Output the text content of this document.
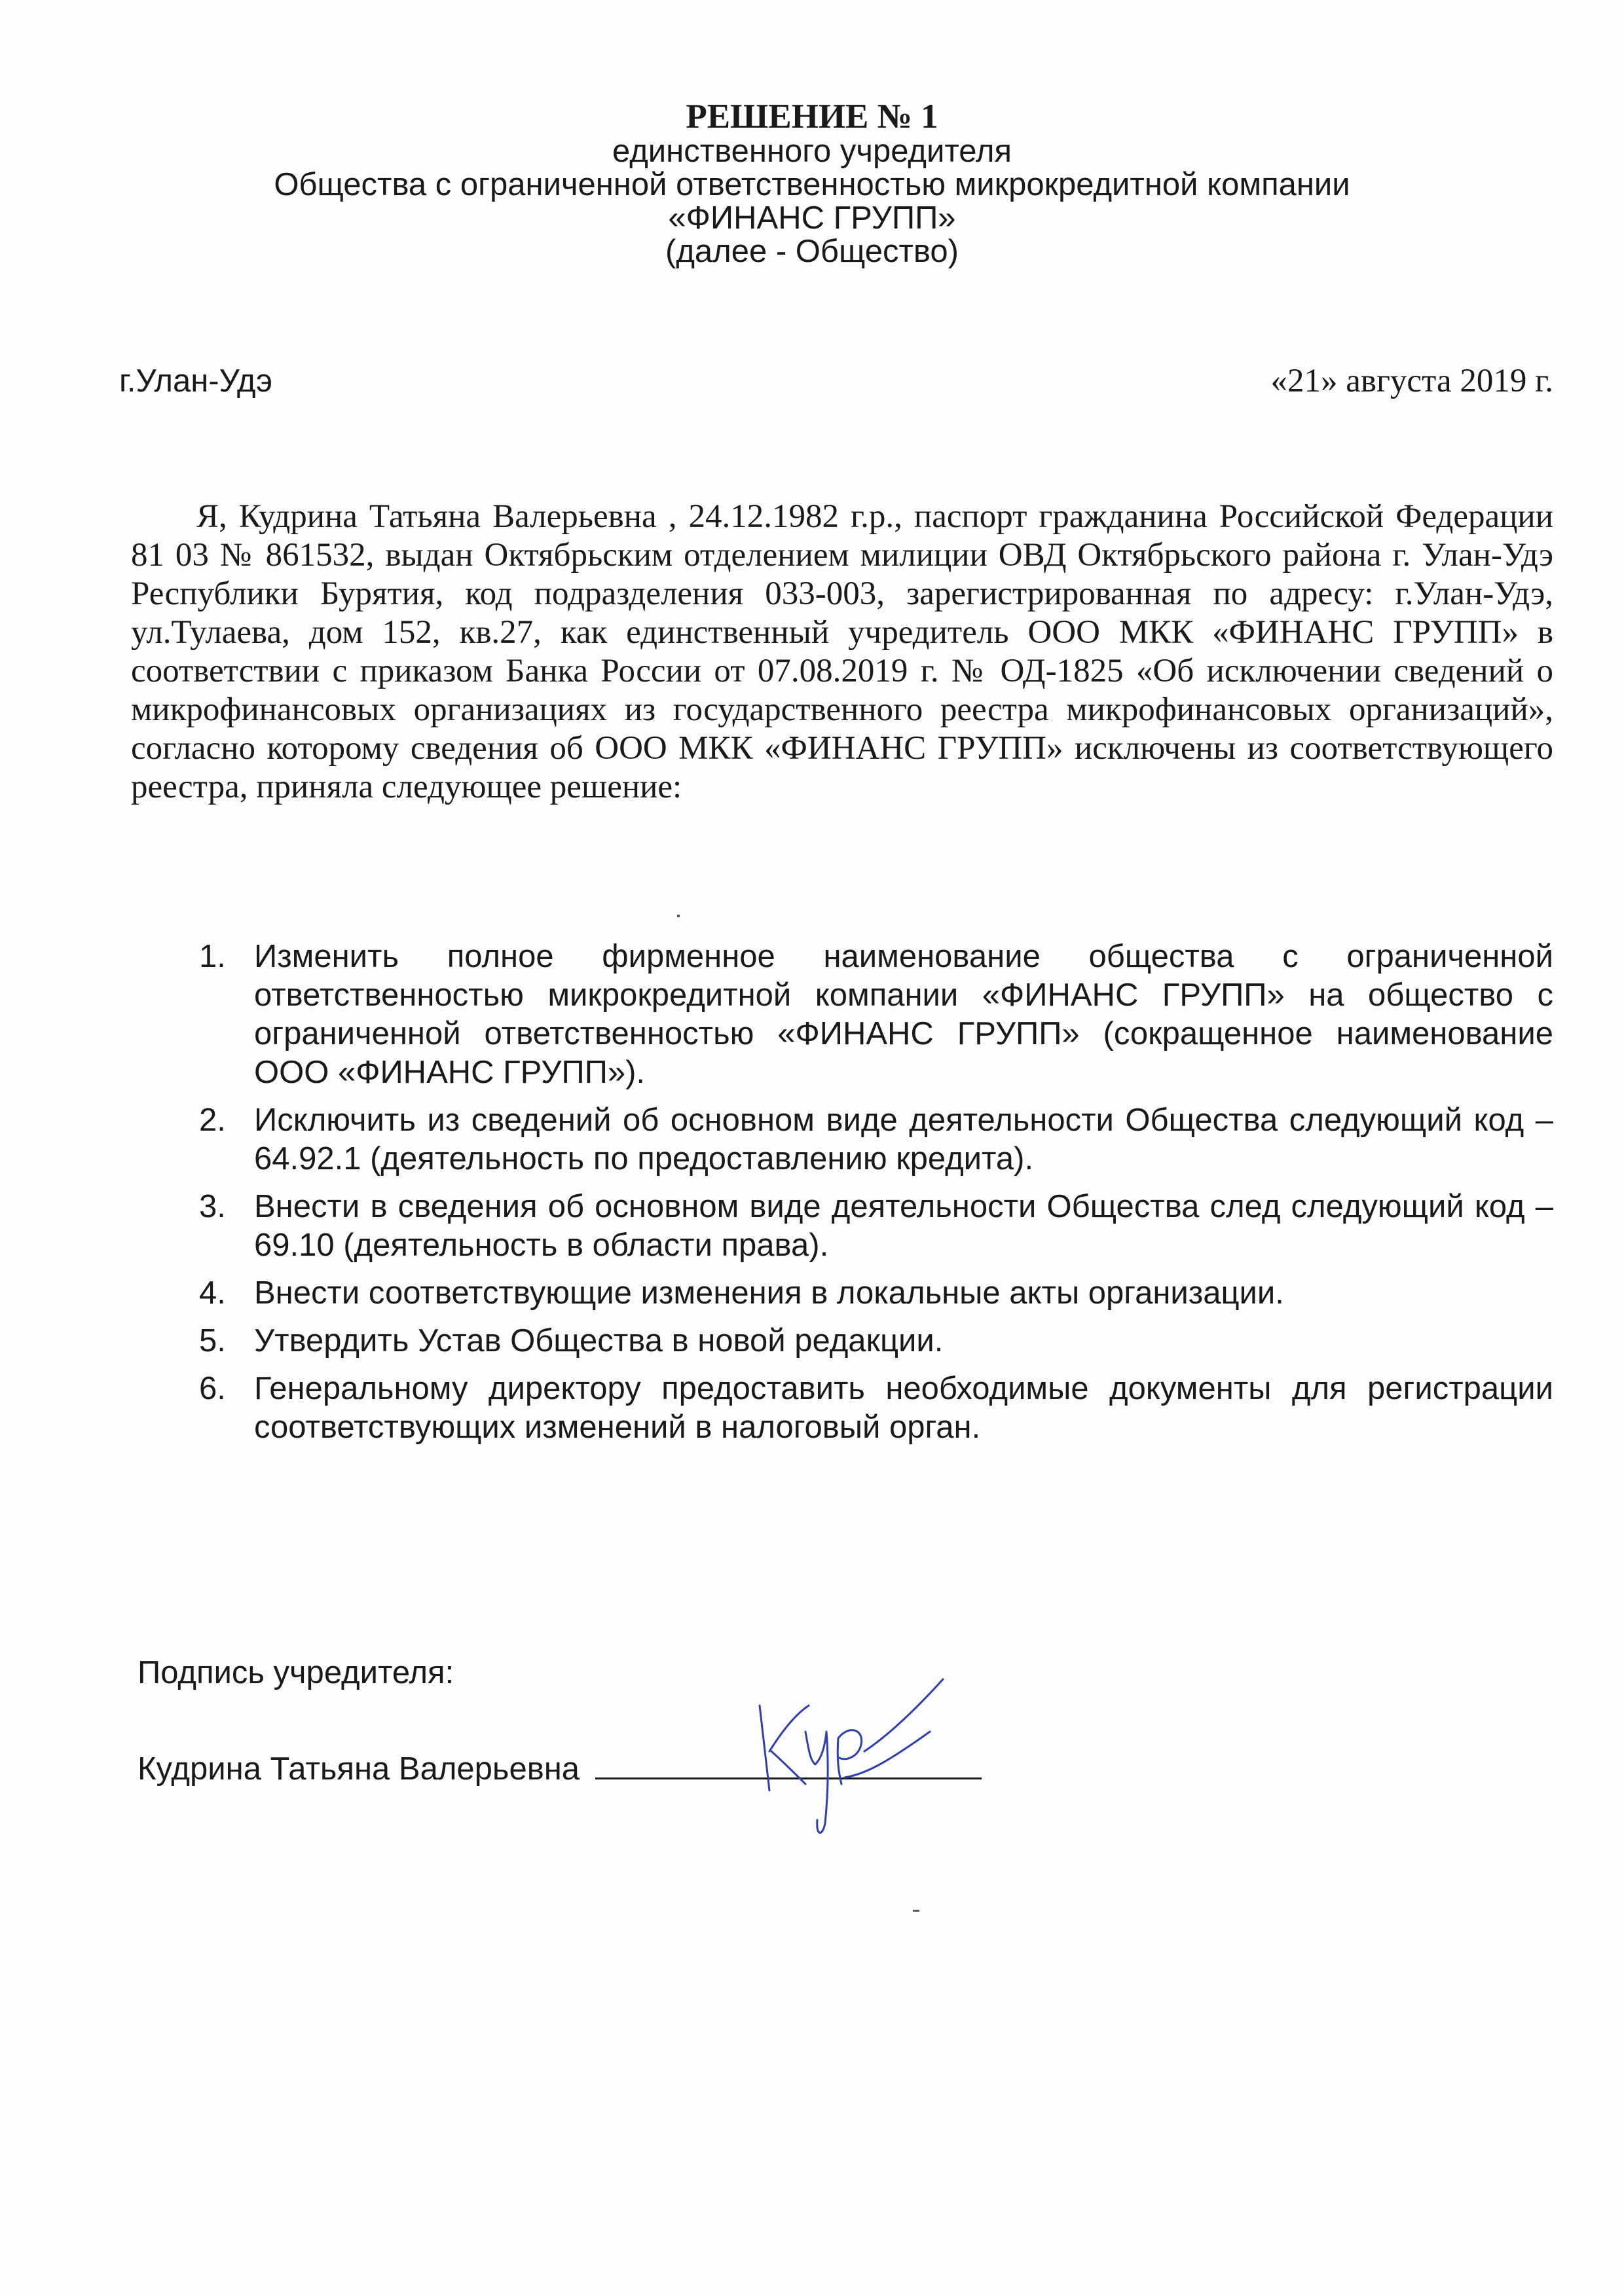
РЕШЕНИЕ № 1

единственного учредителя

Общества с ограниченной ответственностью микрокредитной компании

«ФИНАНС ГРУПП»

(далее - Общество)

г.Улан-Удэ	«21» августа 2019 г.

Я, Кудрина Татьяна Валерьевна , 24.12.1982 г.р., паспорт гражданина Российской Федерации 81 03 № 861532, выдан Октябрьским отделением милиции ОВД Октябрьского района г. Улан-Удэ Республики Бурятия, код подразделения 033-003, зарегистрированная по адресу: г.Улан-Удэ, ул.Тулаева, дом 152, кв.27, как единственный учредитель ООО МКК «ФИНАНС ГРУПП» в соответствии с приказом Банка России от 07.08.2019 г. № ОД-1825 «Об исключении сведений о микрофинансовых организациях из государственного реестра микрофинансовых организаций», согласно которому сведения об ООО МКК «ФИНАНС ГРУПП» исключены из соответствующего реестра, приняла следующее решение:

1. Изменить полное фирменное наименование общества с ограниченной ответственностью микрокредитной компании «ФИНАНС ГРУПП» на общество с ограниченной ответственностью «ФИНАНС ГРУПП» (сокращенное наименование ООО «ФИНАНС ГРУПП»).
2. Исключить из сведений об основном виде деятельности Общества следующий код – 64.92.1 (деятельность по предоставлению кредита).
3. Внести в сведения об основном виде деятельности Общества след следующий код – 69.10 (деятельность в области права).
4. Внести соответствующие изменения в локальные акты организации.
5. Утвердить Устав Общества в новой редакции.
6. Генеральному директору предоставить необходимые документы для регистрации соответствующих изменений в налоговый орган.
Подпись учредителя:
Кудрина Татьяна Валерьевна
